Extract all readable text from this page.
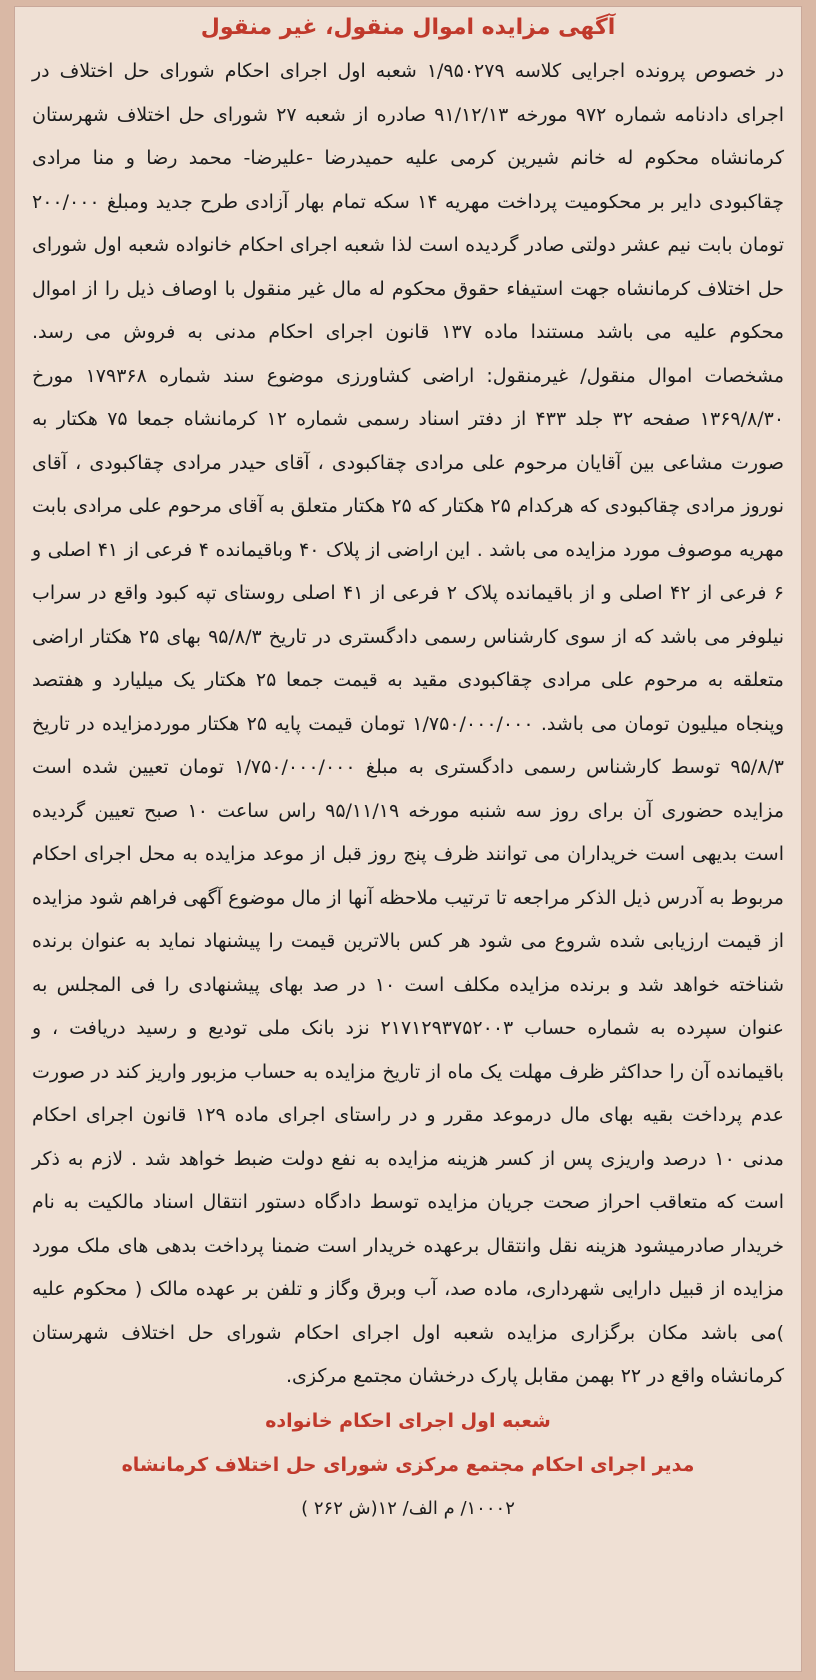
آگهی مزایده اموال منقول، غیر منقول

در خصوص پرونده اجرایی کلاسه ۱/۹۵۰۲۷۹ شعبه اول اجرای احکام شورای حل اختلاف در اجرای دادنامه شماره ۹۷۲ مورخه ۹۱/۱۲/۱۳ صادره از شعبه ۲۷ شورای حل اختلاف شهرستان کرمانشاه محکوم له خانم شیرین کرمی علیه حمیدرضا -علیرضا- محمد رضا و منا مرادی چقاکبودی دایر بر محکومیت پرداخت مهریه ۱۴ سکه تمام بهار آزادی طرح جدید ومبلغ ۲۰۰/۰۰۰ تومان بابت نیم عشر دولتی صادر گردیده است لذا شعبه اجرای احکام خانواده شعبه اول شورای حل اختلاف کرمانشاه جهت استیفاء حقوق محکوم له مال غیر منقول با اوصاف ذیل را از اموال محکوم علیه می باشد مستندا ماده ۱۳۷ قانون اجرای احکام مدنی به فروش می رسد. مشخصات اموال منقول/ غیرمنقول: اراضی کشاورزی موضوع سند شماره ۱۷۹۳۶۸ مورخ ۱۳۶۹/۸/۳۰ صفحه ۳۲ جلد ۴۳۳ از دفتر اسناد رسمی شماره ۱۲ کرمانشاه جمعا ۷۵ هکتار به صورت مشاعی بین آقایان مرحوم علی مرادی چقاکبودی ، آقای حیدر مرادی چقاکبودی ، آقای نوروز مرادی چقاکبودی که هرکدام ۲۵ هکتار که ۲۵ هکتار متعلق به آقای مرحوم علی مرادی بابت مهریه موصوف مورد مزایده می باشد . این اراضی از پلاک ۴۰ وباقیمانده ۴ فرعی از ۴۱ اصلی و ۶ فرعی از ۴۲ اصلی و از باقیمانده پلاک ۲ فرعی از ۴۱ اصلی روستای تپه کبود واقع در سراب نیلوفر می باشد که از سوی کارشناس رسمی دادگستری در تاریخ ۹۵/۸/۳ بهای ۲۵ هکتار اراضی متعلقه به مرحوم علی مرادی چقاکبودی مقید به قیمت جمعا ۲۵ هکتار یک میلیارد و هفتصد وپنجاه میلیون تومان می باشد. ۱/۷۵۰/۰۰۰/۰۰۰ تومان قیمت پایه ۲۵ هکتار موردمزایده در تاریخ ۹۵/۸/۳ توسط کارشناس رسمی دادگستری به مبلغ ۱/۷۵۰/۰۰۰/۰۰۰ تومان تعیین شده است مزایده حضوری آن برای روز سه شنبه مورخه ۹۵/۱۱/۱۹ راس ساعت ۱۰ صبح تعیین گردیده است بدیهی است خریداران می توانند ظرف پنج روز قبل از موعد مزایده به محل اجرای احکام مربوط به آدرس ذیل الذکر مراجعه تا ترتیب ملاحظه آنها از مال موضوع آگهی فراهم شود مزایده از قیمت ارزیابی شده شروع می شود هر کس بالاترین قیمت را پیشنهاد نماید به عنوان برنده شناخته خواهد شد و برنده مزایده مکلف است ۱۰ در صد بهای پیشنهادی را فی المجلس به عنوان سپرده به شماره حساب ۲۱۷۱۲۹۳۷۵۲۰۰۳ نزد بانک ملی تودیع و رسید دریافت ، و باقیمانده آن را حداکثر ظرف مهلت یک ماه از تاریخ مزایده به حساب مزبور واریز کند در صورت عدم پرداخت بقیه بهای مال درموعد مقرر و در راستای اجرای ماده ۱۲۹ قانون اجرای احکام مدنی ۱۰ درصد واریزی پس از کسر هزینه مزایده به نفع دولت ضبط خواهد شد . لازم به ذکر است که متعاقب احراز صحت جریان مزایده توسط دادگاه دستور انتقال اسناد مالکیت به نام خریدار صادرمیشود هزینه نقل وانتقال برعهده خریدار است ضمنا پرداخت بدهی های ملک مورد مزایده از قبیل دارایی شهرداری، ماده صد، آب وبرق وگاز و تلفن بر عهده مالک ( محکوم علیه )می باشد مکان برگزاری مزایده شعبه اول اجرای احکام شورای حل اختلاف شهرستان کرمانشاه واقع در ۲۲ بهمن مقابل پارک درخشان مجتمع مرکزی.

شعبه اول اجرای احکام خانواده

مدیر اجرای احکام مجتمع مرکزی شورای حل اختلاف کرمانشاه

۱۰۰۰۲/ م الف/ ۱۲(ش ۲۶۲ )
